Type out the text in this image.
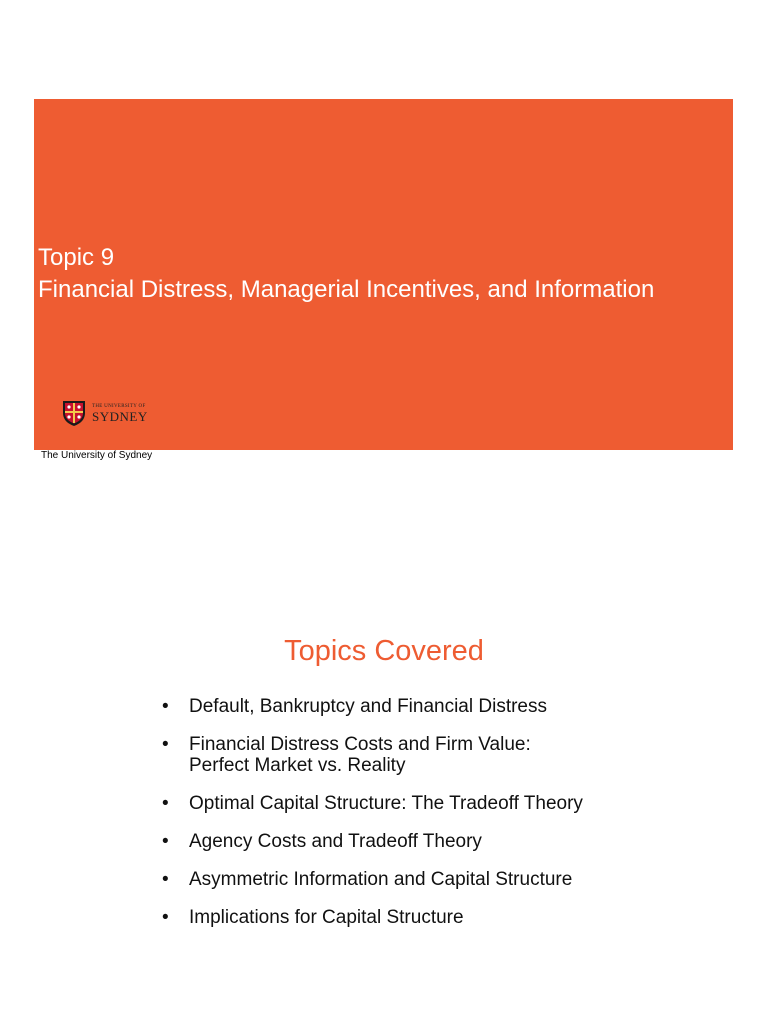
Topic 9
Financial Distress, Managerial Incentives, and Information
THE UNIVERSITY OF
SYDNEY
The University of Sydney
Topics Covered
• Default, Bankruptcy and Financial Distress
• Financial Distress Costs and Firm Value:
Perfect Market vs. Reality
• Optimal Capital Structure: The Tradeoff Theory
• Agency Costs and Tradeoff Theory
• Asymmetric Information and Capital Structure
• Implications for Capital Structure
